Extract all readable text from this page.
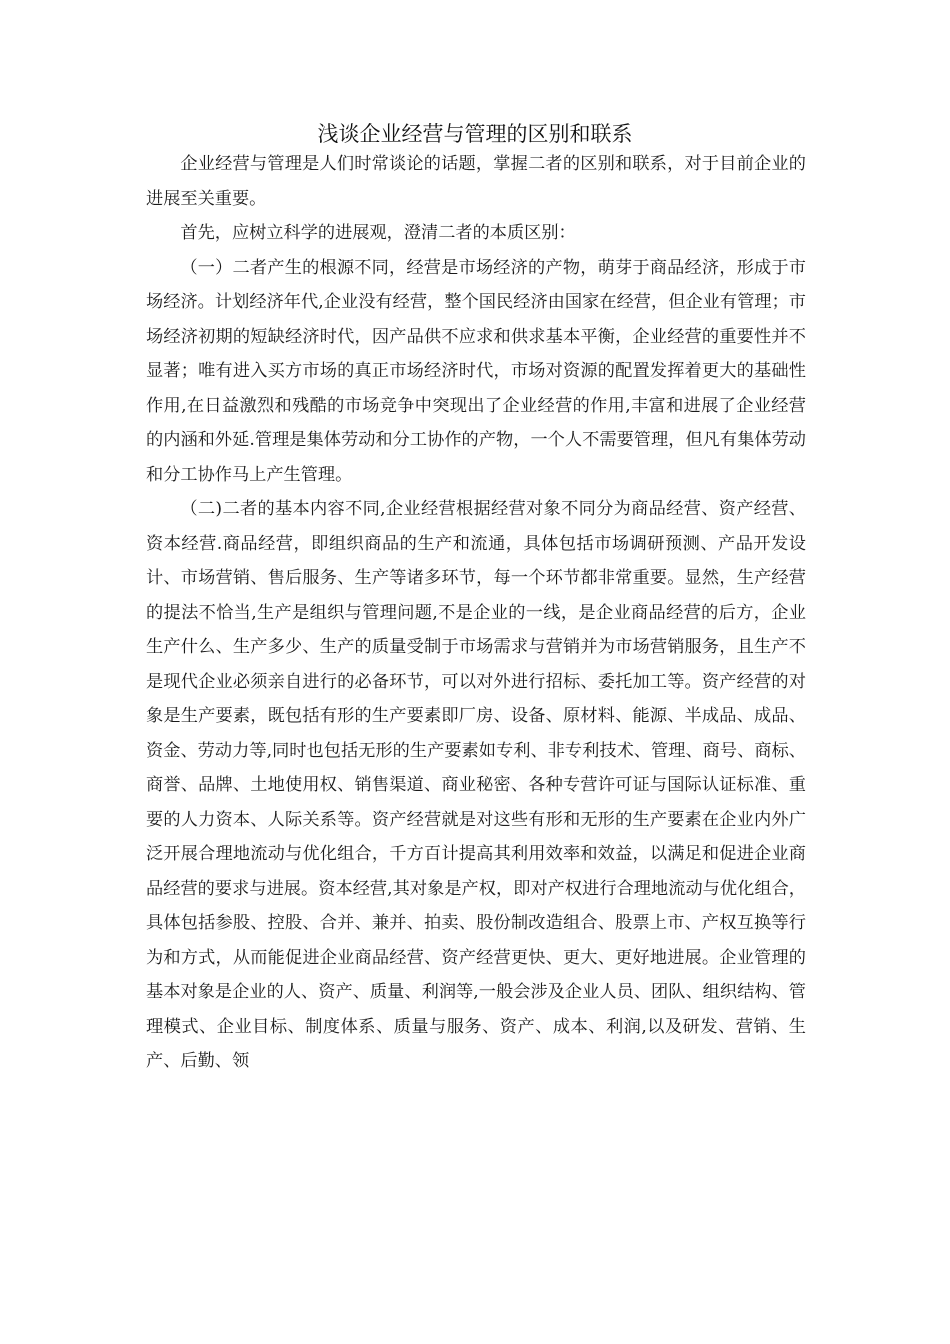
浅谈企业经营与管理的区别和联系

企业经营与管理是人们时常谈论的话题，掌握二者的区别和联系，对于目前企业的进展至关重要。

首先，应树立科学的进展观，澄清二者的本质区别：

（一）二者产生的根源不同，经营是市场经济的产物，萌芽于商品经济，形成于市场经济。计划经济年代,企业没有经营，整个国民经济由国家在经营，但企业有管理；市场经济初期的短缺经济时代，因产品供不应求和供求基本平衡，企业经营的重要性并不显著；唯有进入买方市场的真正市场经济时代，市场对资源的配置发挥着更大的基础性作用,在日益激烈和残酷的市场竞争中突现出了企业经营的作用,丰富和进展了企业经营的内涵和外延.管理是集体劳动和分工协作的产物，一个人不需要管理，但凡有集体劳动和分工协作马上产生管理。

（二)二者的基本内容不同,企业经营根据经营对象不同分为商品经营、资产经营、资本经营.商品经营，即组织商品的生产和流通，具体包括市场调研预测、产品开发设计、市场营销、售后服务、生产等诸多环节，每一个环节都非常重要。显然，生产经营的提法不恰当,生产是组织与管理问题,不是企业的一线，是企业商品经营的后方，企业生产什么、生产多少、生产的质量受制于市场需求与营销并为市场营销服务，且生产不是现代企业必须亲自进行的必备环节，可以对外进行招标、委托加工等。资产经营的对象是生产要素，既包括有形的生产要素即厂房、设备、原材料、能源、半成品、成品、资金、劳动力等,同时也包括无形的生产要素如专利、非专利技术、管理、商号、商标、商誉、品牌、土地使用权、销售渠道、商业秘密、各种专营许可证与国际认证标准、重要的人力资本、人际关系等。资产经营就是对这些有形和无形的生产要素在企业内外广泛开展合理地流动与优化组合，千方百计提高其利用效率和效益，以满足和促进企业商品经营的要求与进展。资本经营,其对象是产权，即对产权进行合理地流动与优化组合，具体包括参股、控股、合并、兼并、拍卖、股份制改造组合、股票上市、产权互换等行为和方式，从而能促进企业商品经营、资产经营更快、更大、更好地进展。企业管理的基本对象是企业的人、资产、质量、利润等,一般会涉及企业人员、团队、组织结构、管理模式、企业目标、制度体系、质量与服务、资产、成本、利润,以及研发、营销、生产、后勤、领
